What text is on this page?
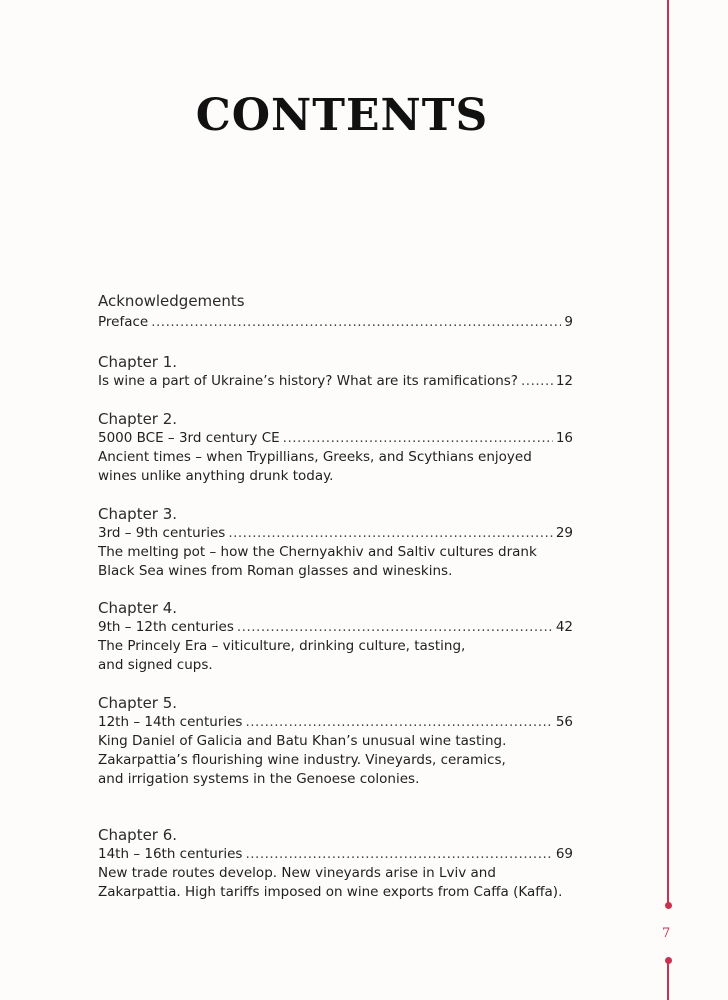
CONTENTS
Acknowledgements
Preface .....	9
Chapter 1.
Is wine a part of Ukraine’s history? What are its ramifications? .....	12
Chapter 2.
5000 BCE – 3rd century CE .....	16

Ancient times – when Trypillians, Greeks, and Scythians enjoyed

wines unlike anything drunk today.

Chapter 3.
3rd – 9th centuries .....	29

The melting pot – how the Chernyakhiv and Saltiv cultures drank

Black Sea wines from Roman glasses and wineskins.

Chapter 4.
9th – 12th centuries .....	42

The Princely Era – viticulture, drinking culture, tasting,

and signed cups.

Chapter 5.
12th – 14th centuries .....	56

King Daniel of Galicia and Batu Khan’s unusual wine tasting.

Zakarpattia’s flourishing wine industry. Vineyards, ceramics,

and irrigation systems in the Genoese colonies.

Chapter 6.
14th – 16th centuries .....	69

New trade routes develop. New vineyards arise in Lviv and

Zakarpattia. High tariffs imposed on wine exports from Caffa (Kaffa).

7
